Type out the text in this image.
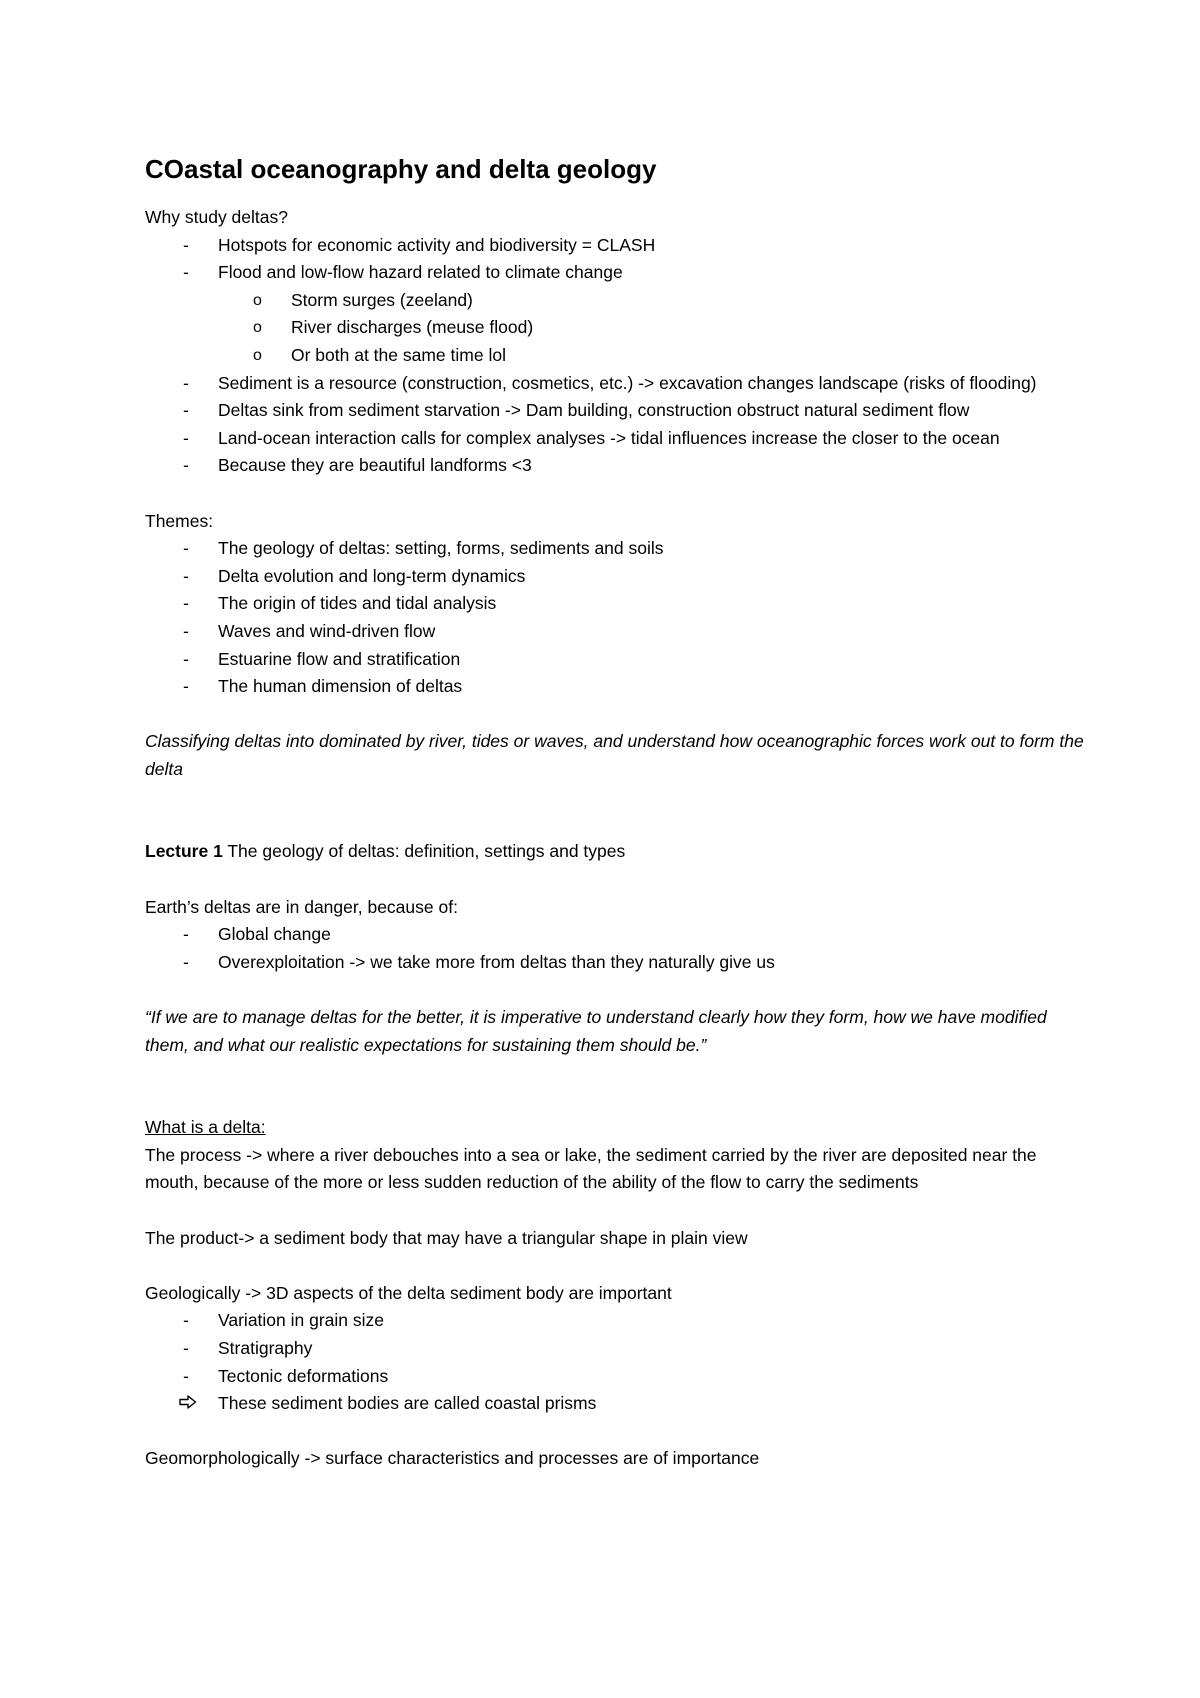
COastal oceanography and delta geology

Why study deltas?

- Hotspots for economic activity and biodiversity = CLASH
- Flood and low-flow hazard related to climate change
o Storm surges (zeeland)
o River discharges (meuse flood)
o Or both at the same time lol
- Sediment is a resource (construction, cosmetics, etc.) -> excavation changes landscape (risks of flooding)
- Deltas sink from sediment starvation -> Dam building, construction obstruct natural sediment flow
- Land-ocean interaction calls for complex analyses -> tidal influences increase the closer to the ocean
- Because they are beautiful landforms <3

Themes:

- The geology of deltas: setting, forms, sediments and soils
- Delta evolution and long-term dynamics
- The origin of tides and tidal analysis
- Waves and wind-driven flow
- Estuarine flow and stratification
- The human dimension of deltas

Classifying deltas into dominated by river, tides or waves, and understand how oceanographic forces work out to form the delta

Lecture 1 The geology of deltas: definition, settings and types

Earth’s deltas are in danger, because of:

- Global change
- Overexploitation -> we take more from deltas than they naturally give us

“If we are to manage deltas for the better, it is imperative to understand clearly how they form, how we have modified them, and what our realistic expectations for sustaining them should be.”

What is a delta:

The process -> where a river debouches into a sea or lake, the sediment carried by the river are deposited near the mouth, because of the more or less sudden reduction of the ability of the flow to carry the sediments

The product-> a sediment body that may have a triangular shape in plain view

Geologically -> 3D aspects of the delta sediment body are important

- Variation in grain size
- Stratigraphy
- Tectonic deformations
These sediment bodies are called coastal prisms

Geomorphologically -> surface characteristics and processes are of importance
